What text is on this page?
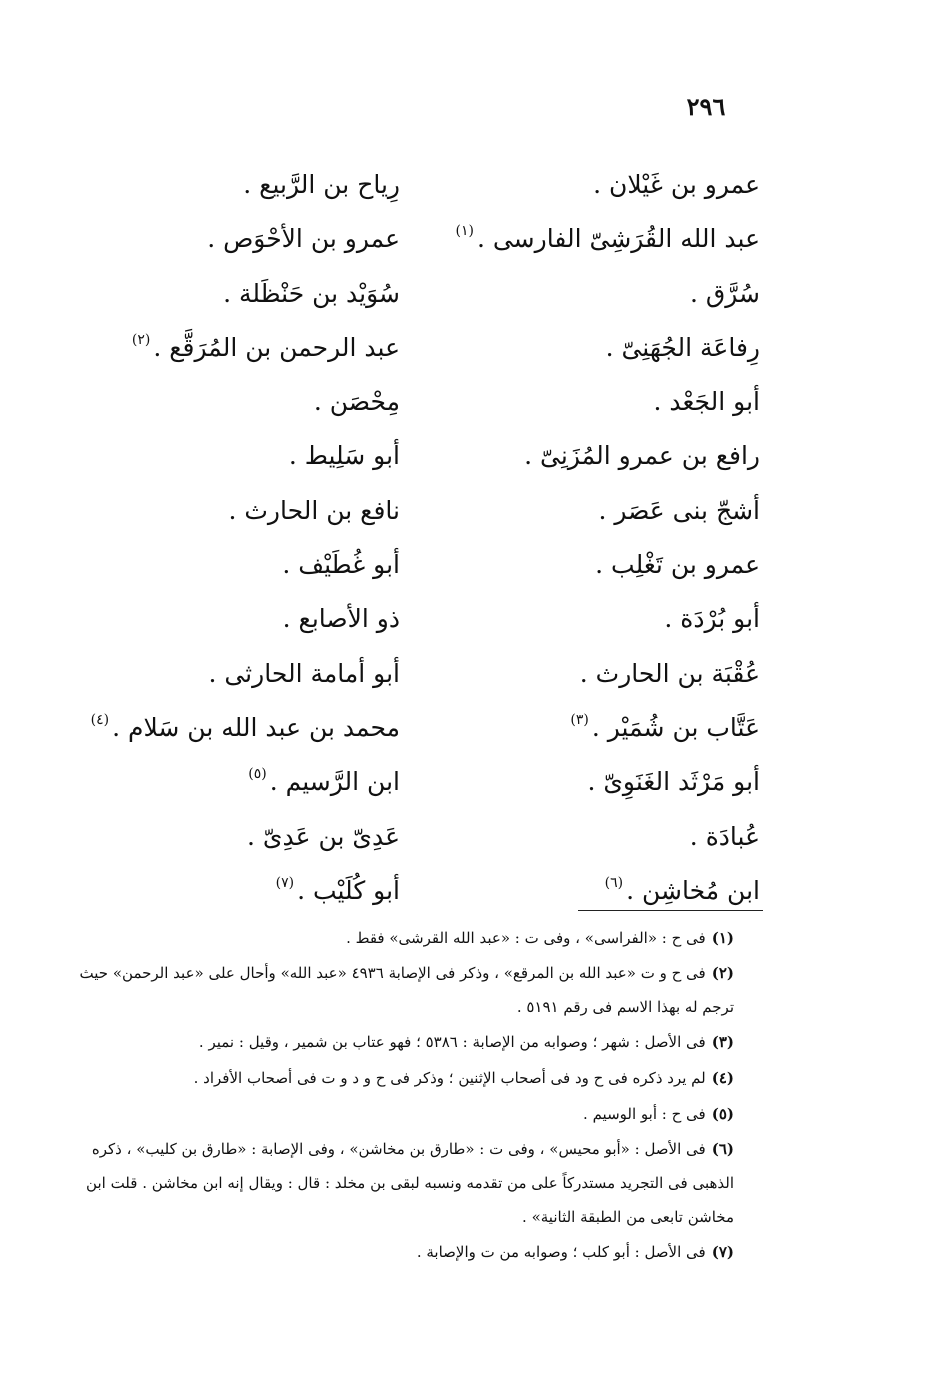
٢٩٦
عمرو بن غَيْلان .
عبد الله القُرَشِىّ الفارسى .$^{(١)}$
سُرَّق .
رِفاعَة الجُهَنِىّ .
أبو الجَعْد .
رافع بن عمرو المُزَنِىّ .
أشجّ بنى عَصَر .
عمرو بن تَغْلِب .
أبو بُرْدَة .
عُقْبَة بن الحارث .
عَتَّاب بن شُمَيْر .$^{(٣)}$
أبو مَرْثَد الغَنَوِىّ .
عُبادَة .
ابن مُخاشِن .$^{(٦)}$
رِياح بن الرَّبيع .
عمرو بن الأحْوَص .
سُوَيْد بن حَنْظَلة .
عبد الرحمن بن المُرَقَّع .$^{(٢)}$
مِحْصَن .
أبو سَلِيط .
نافع بن الحارث .
أبو غُطَيْف .
ذو الأصابع .
أبو أمامة الحارثى .
محمد بن عبد الله بن سَلام .$^{(٤)}$
ابن الرَّسيم .$^{(٥)}$
عَدِىّ بن عَدِىّ .
أبو كُلَيْب .$^{(٧)}$
(١)فى ح : «الفراسى» ، وفى ت : «عبد الله القرشى» فقط .
(٢)فى ح و ت «عبد الله بن المرقع» ، وذكر فى الإصابة ٤٩٣٦ «عبد الله» وأحال على «عبد الرحمن» حيث ترجم له بهذا الاسم فى رقم ٥١٩١ .
(٣)فى الأصل : شهر ؛ وصوابه من الإصابة : ٥٣٨٦ ؛ فهو عتاب بن شمير ، وقيل : نمير .
(٤)لم يرد ذكره فى ح ود فى أصحاب الإثنين ؛ وذكر فى ح و د و ت فى أصحاب الأفراد .
(٥)فى ح : أبو الوسيم .
(٦)فى الأصل : «أبو محيس» ، وفى ت : «طارق بن مخاشن» ، وفى الإصابة : «طارق بن كليب» ، ذكره الذهبى فى التجريد مستدركاً على من تقدمه ونسبه لبقى بن مخلد : قال : ويقال إنه ابن مخاشن . قلت ابن مخاشن تابعى من الطبقة الثانية» .
(٧)فى الأصل : أبو كلب ؛ وصوابه من ت والإصابة .
